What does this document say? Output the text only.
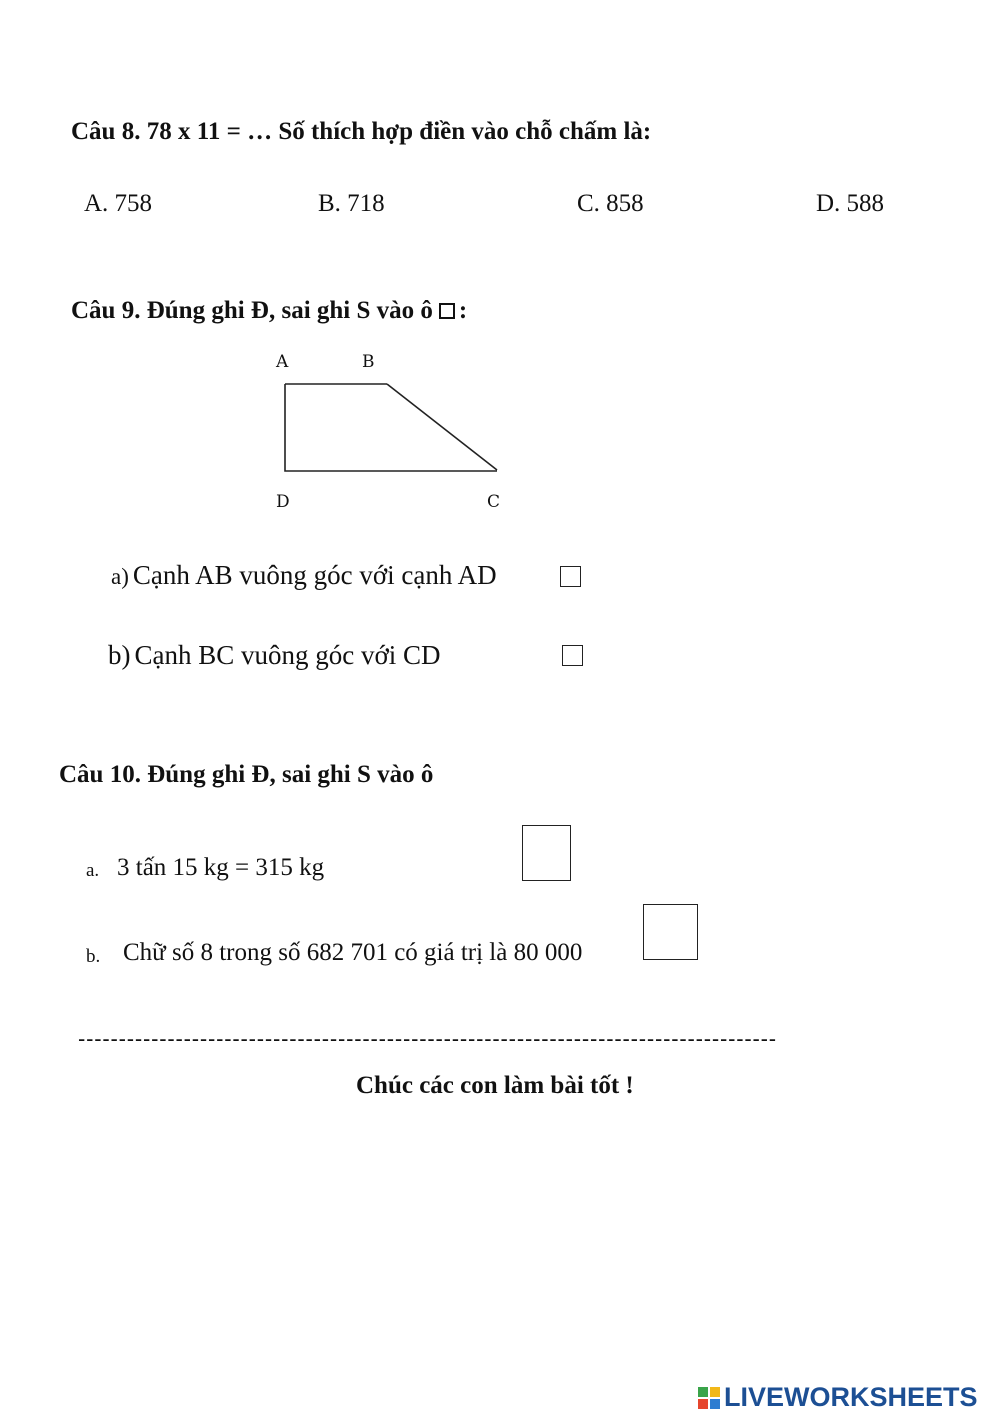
Câu 8. 78 x 11 = … Số thích hợp điền vào chỗ chấm là:
A. 758	B. 718	C. 858	D. 588
Câu 9. Đúng ghi Đ, sai ghi S vào ô :
A	B
D	C
a) Cạnh AB vuông góc với cạnh AD
b) Cạnh BC vuông góc với CD
Câu 10. Đúng ghi Đ, sai ghi S vào ô
a. 3 tấn 15 kg = 315 kg
b. Chữ số 8 trong số 682 701 có giá trị là 80 000
--------------------------------------------------------------------------------------
Chúc các con làm bài tốt !
LIVEWORKSHEETS
